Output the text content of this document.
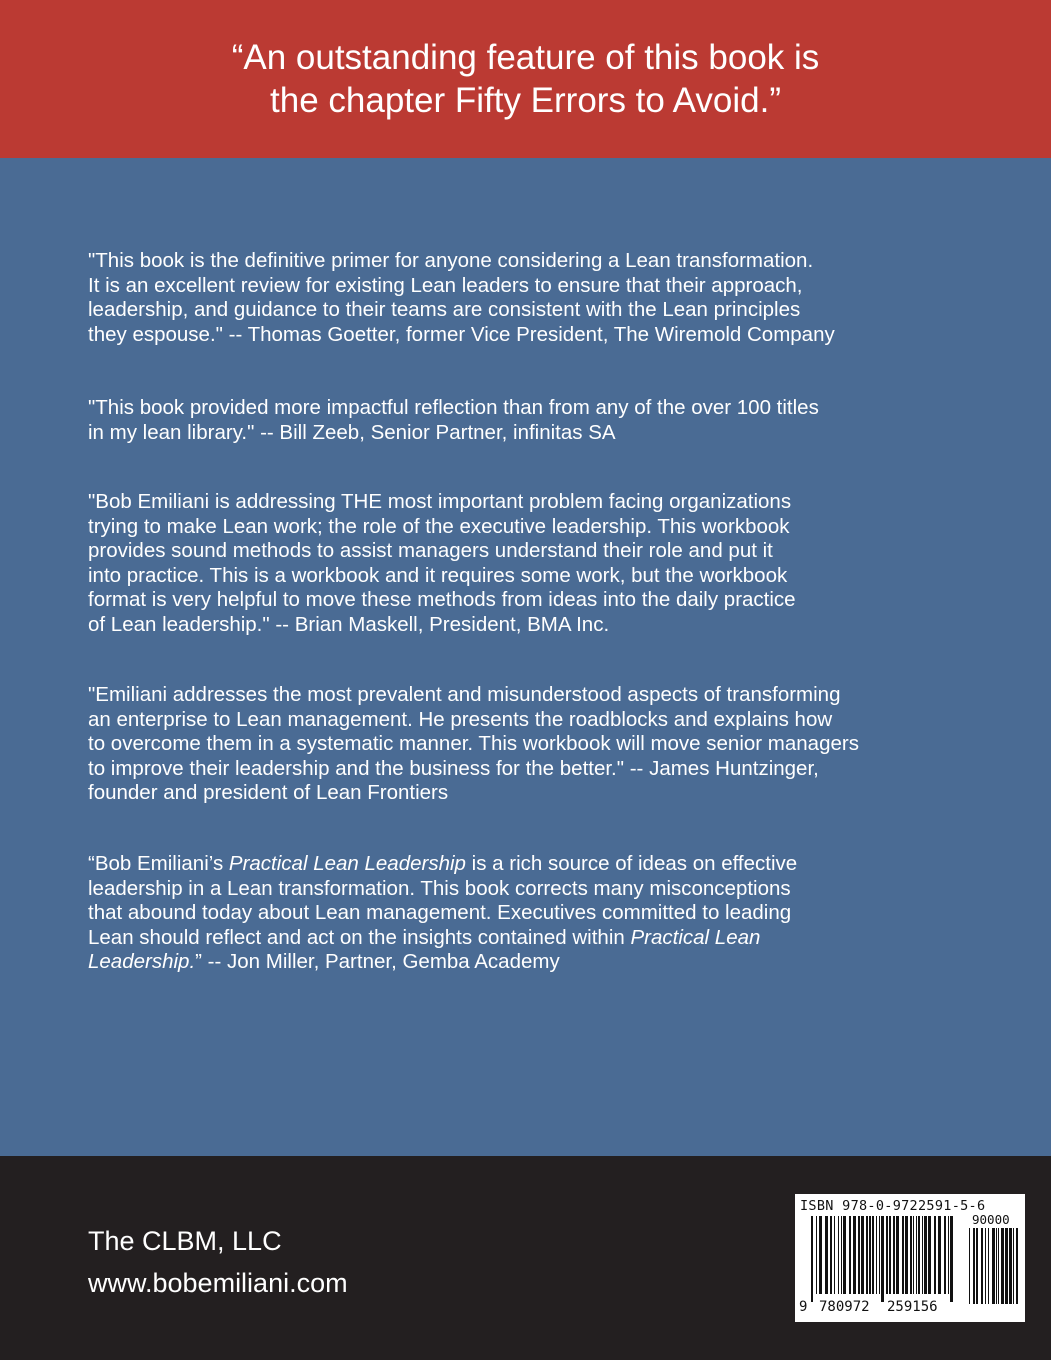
“An outstanding feature of this book is
the chapter Fifty Errors to Avoid.”

"This book is the definitive primer for anyone considering a Lean transformation.
It is an excellent review for existing Lean leaders to ensure that their approach,
leadership, and guidance to their teams are consistent with the Lean principles
they espouse." -- Thomas Goetter, former Vice President, The Wiremold Company

"This book provided more impactful reflection than from any of the over 100 titles
in my lean library." -- Bill Zeeb, Senior Partner, infinitas SA

"Bob Emiliani is addressing THE most important problem facing organizations
trying to make Lean work; the role of the executive leadership. This workbook
provides sound methods to assist managers understand their role and put it
into practice. This is a workbook and it requires some work, but the workbook
format is very helpful to move these methods from ideas into the daily practice
of Lean leadership." -- Brian Maskell, President, BMA Inc.

"Emiliani addresses the most prevalent and misunderstood aspects of transforming
an enterprise to Lean management. He presents the roadblocks and explains how
to overcome them in a systematic manner. This workbook will move senior managers
to improve their leadership and the business for the better." -- James Huntzinger,
founder and president of Lean Frontiers

“Bob Emiliani’s Practical Lean Leadership is a rich source of ideas on effective
leadership in a Lean transformation. This book corrects many misconceptions
that abound today about Lean management. Executives committed to leading
Lean should reflect and act on the insights contained within Practical Lean
Leadership.” -- Jon Miller, Partner, Gemba Academy

The CLBM, LLC
www.bobemiliani.com
ISBN 978-0-9722591-5-6
90000
9 780972 259156
